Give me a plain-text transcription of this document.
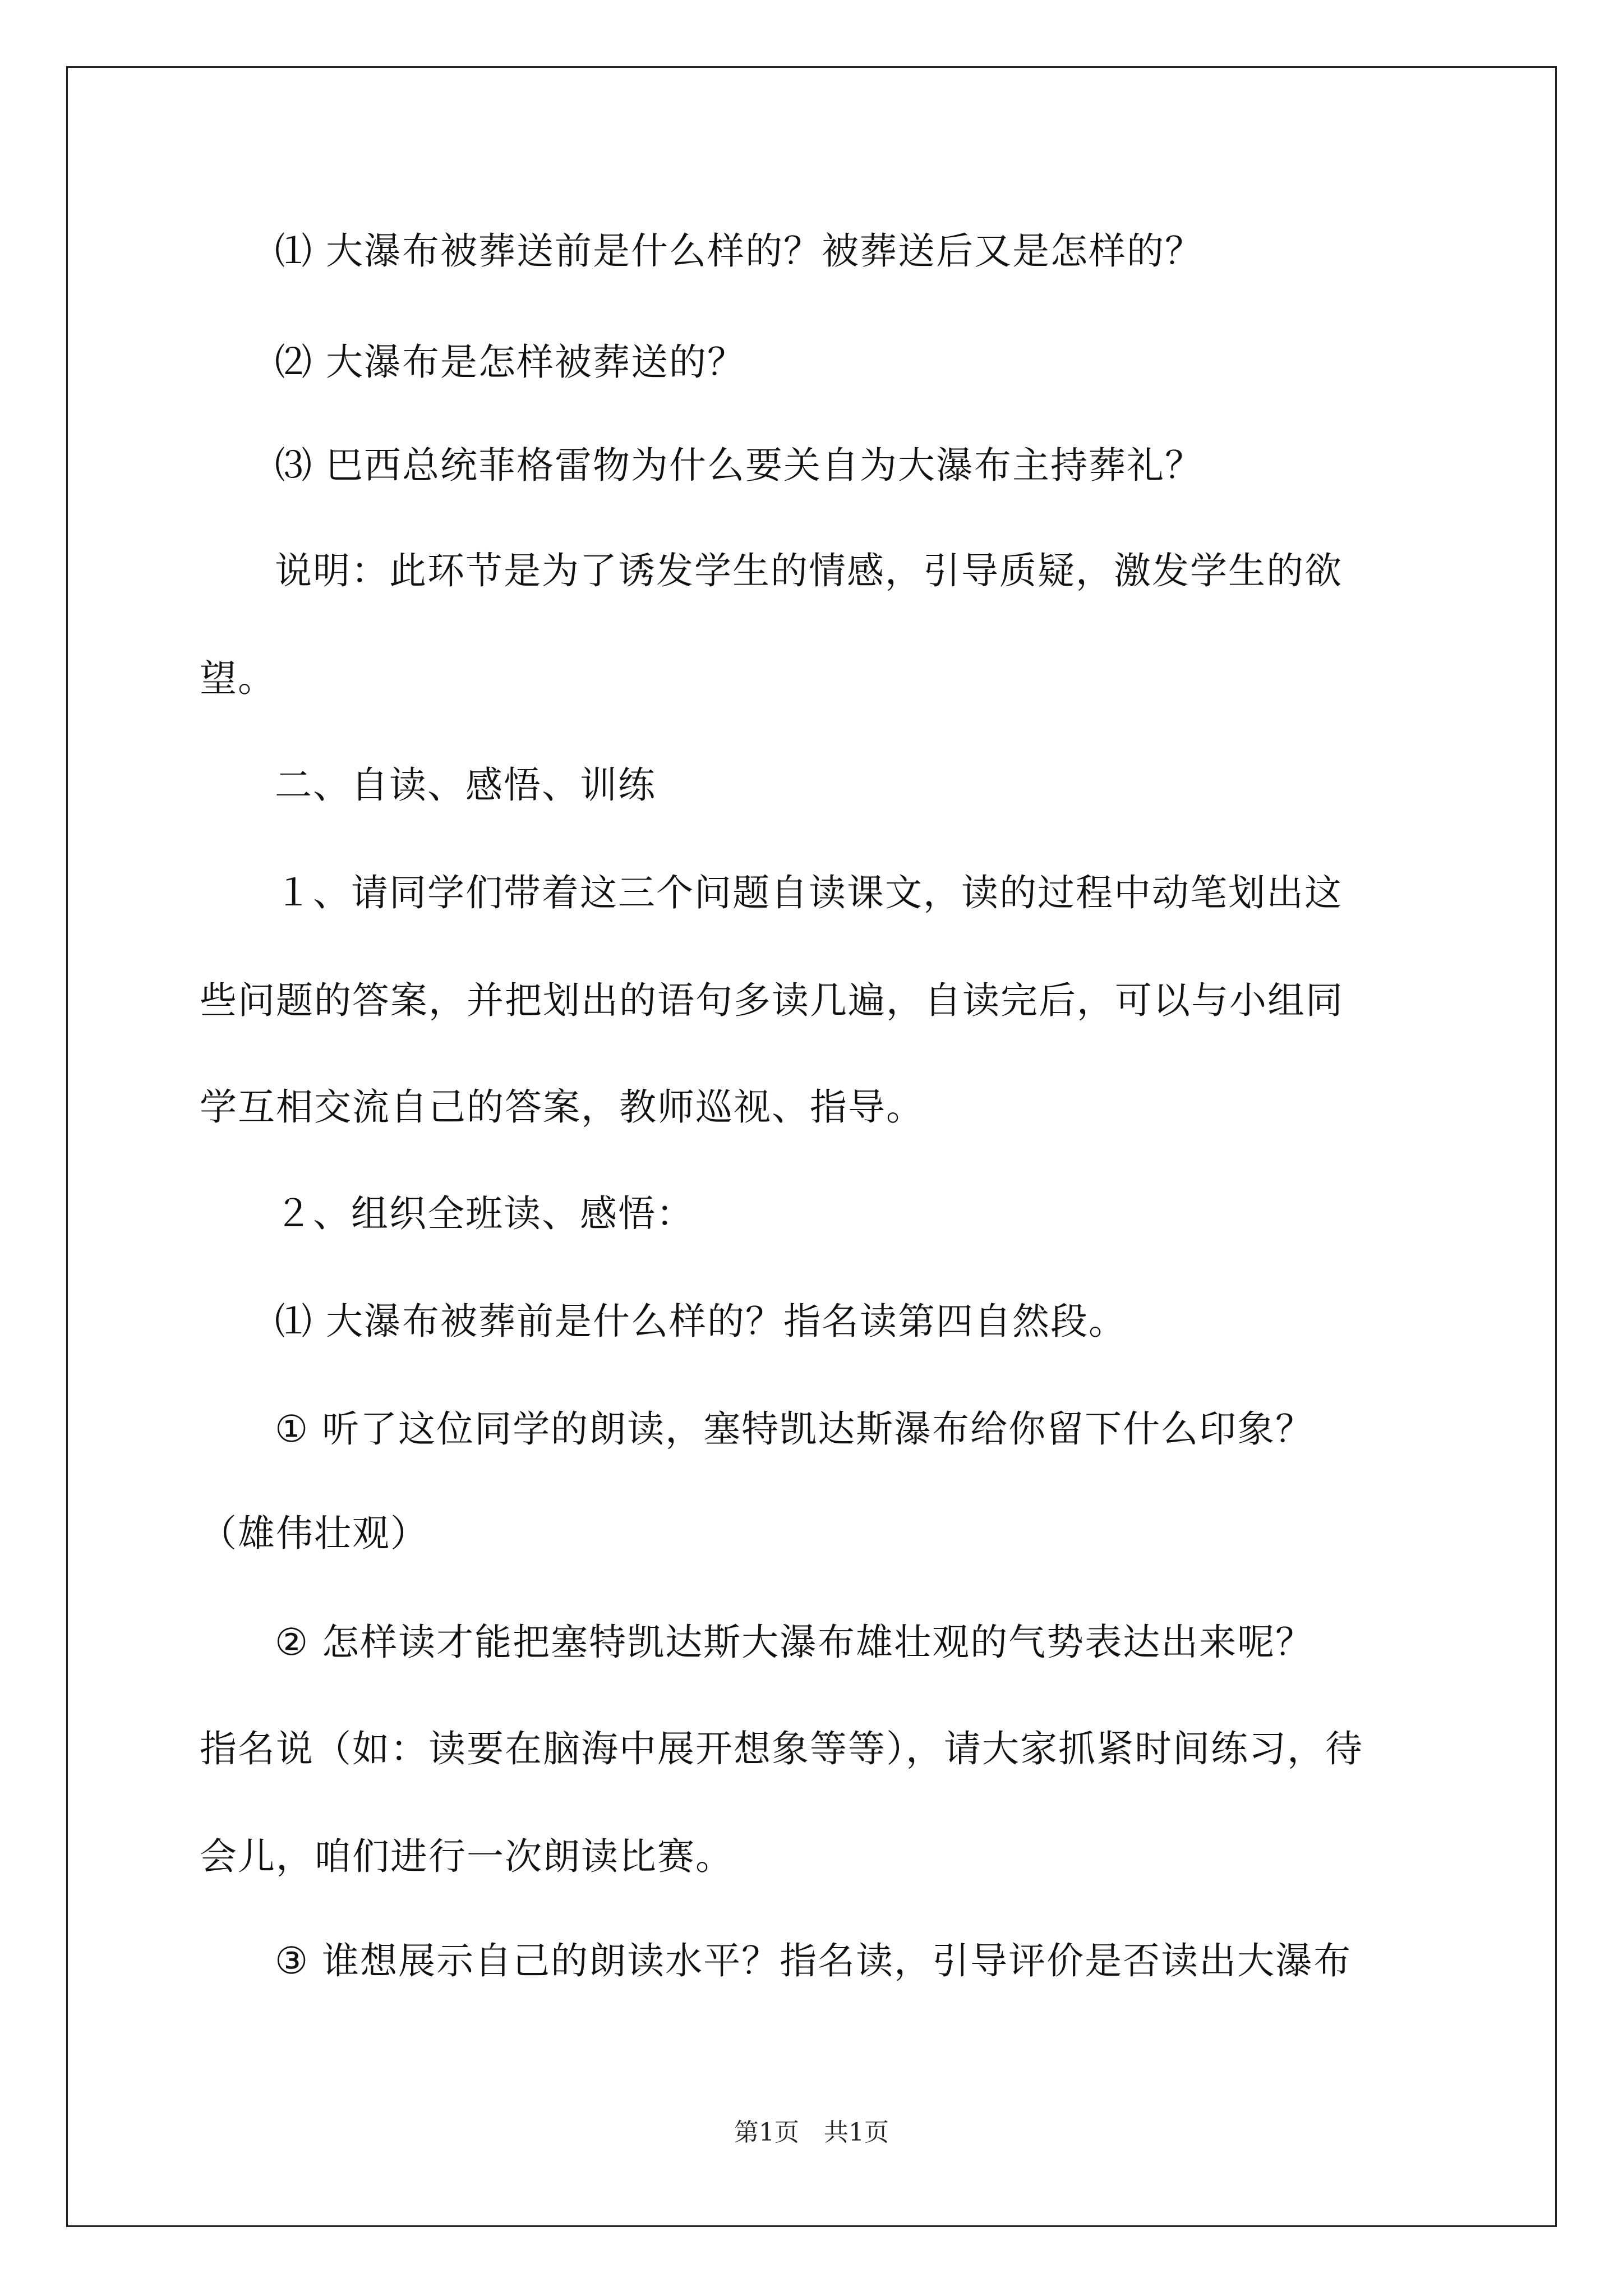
⑴ 大瀑布被葬送前是什么样的？被葬送后又是怎样的？
⑵ 大瀑布是怎样被葬送的？
⑶ 巴西总统菲格雷物为什么要关自为大瀑布主持葬礼？
说明：此环节是为了诱发学生的情感，引导质疑，激发学生的欲
望。
二、自读、感悟、训练
１、请同学们带着这三个问题自读课文，读的过程中动笔划出这
些问题的答案，并把划出的语句多读几遍，自读完后，可以与小组同
学互相交流自己的答案，教师巡视、指导。
２、组织全班读、感悟：
⑴ 大瀑布被葬前是什么样的？指名读第四自然段。
① 听了这位同学的朗读，塞特凯达斯瀑布给你留下什么印象？
（雄伟壮观）
② 怎样读才能把塞特凯达斯大瀑布雄壮观的气势表达出来呢？
指名说（如：读要在脑海中展开想象等等），请大家抓紧时间练习，待
会儿，咱们进行一次朗读比赛。
③ 谁想展示自己的朗读水平？指名读，引导评价是否读出大瀑布
第1页　共1页
